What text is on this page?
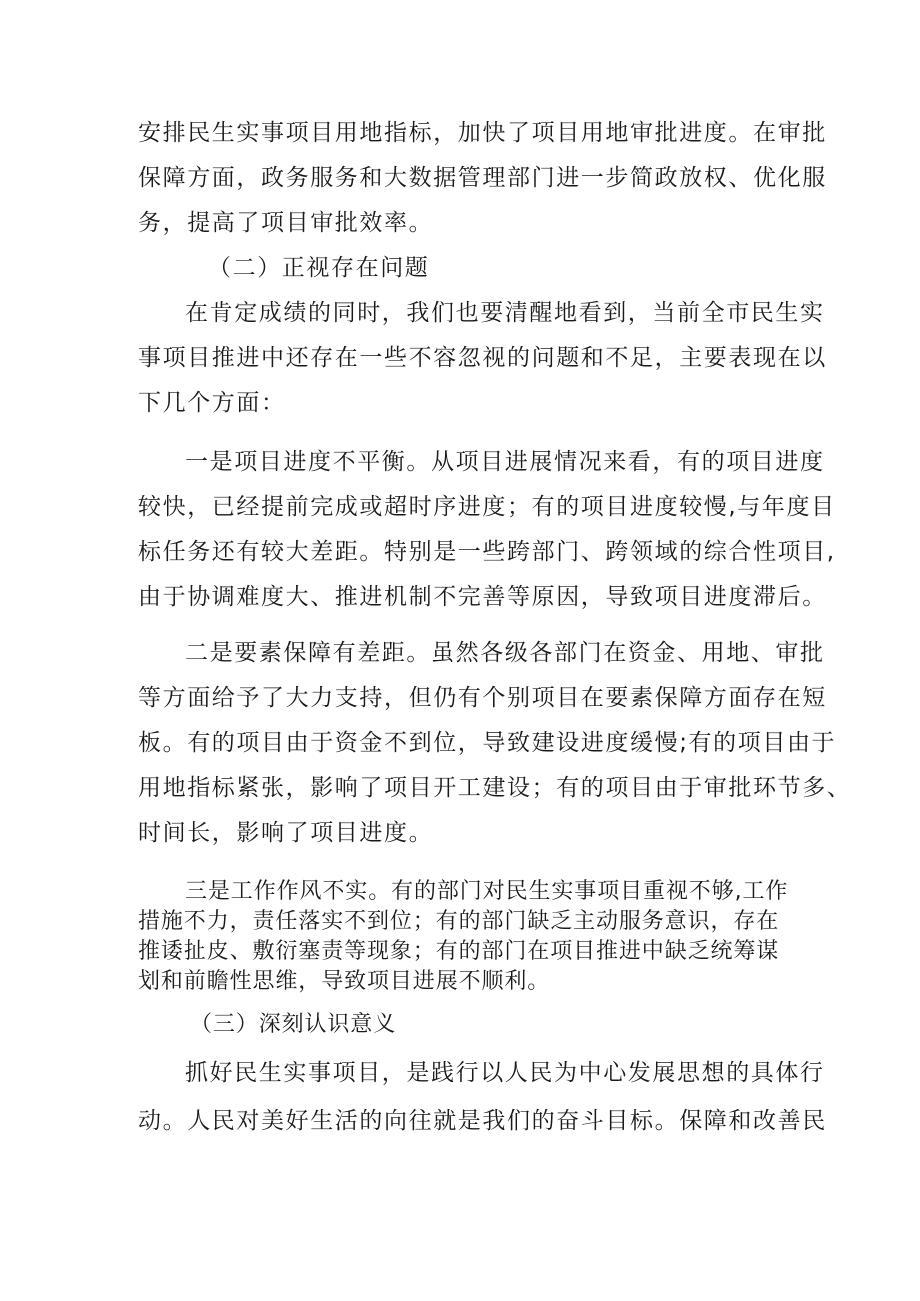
安排民生实事项目用地指标，加快了项目用地审批进度。在审批
保障方面，政务服务和大数据管理部门进一步简政放权、优化服
务，提高了项目审批效率。
（二）正视存在问题
在肯定成绩的同时，我们也要清醒地看到，当前全市民生实
事项目推进中还存在一些不容忽视的问题和不足，主要表现在以
下几个方面：
一是项目进度不平衡。从项目进展情况来看，有的项目进度
较快，已经提前完成或超时序进度；有的项目进度较慢,与年度目
标任务还有较大差距。特别是一些跨部门、跨领域的综合性项目,
由于协调难度大、推进机制不完善等原因，导致项目进度滞后。
二是要素保障有差距。虽然各级各部门在资金、用地、审批
等方面给予了大力支持，但仍有个别项目在要素保障方面存在短
板。有的项目由于资金不到位，导致建设进度缓慢;有的项目由于
用地指标紧张，影响了项目开工建设；有的项目由于审批环节多、
时间长，影响了项目进度。
三是工作作风不实。有的部门对民生实事项目重视不够,工作
措施不力，责任落实不到位；有的部门缺乏主动服务意识，存在
推诿扯皮、敷衍塞责等现象；有的部门在项目推进中缺乏统筹谋
划和前瞻性思维，导致项目进展不顺利。
（三）深刻认识意义
抓好民生实事项目，是践行以人民为中心发展思想的具体行
动。人民对美好生活的向往就是我们的奋斗目标。保障和改善民
